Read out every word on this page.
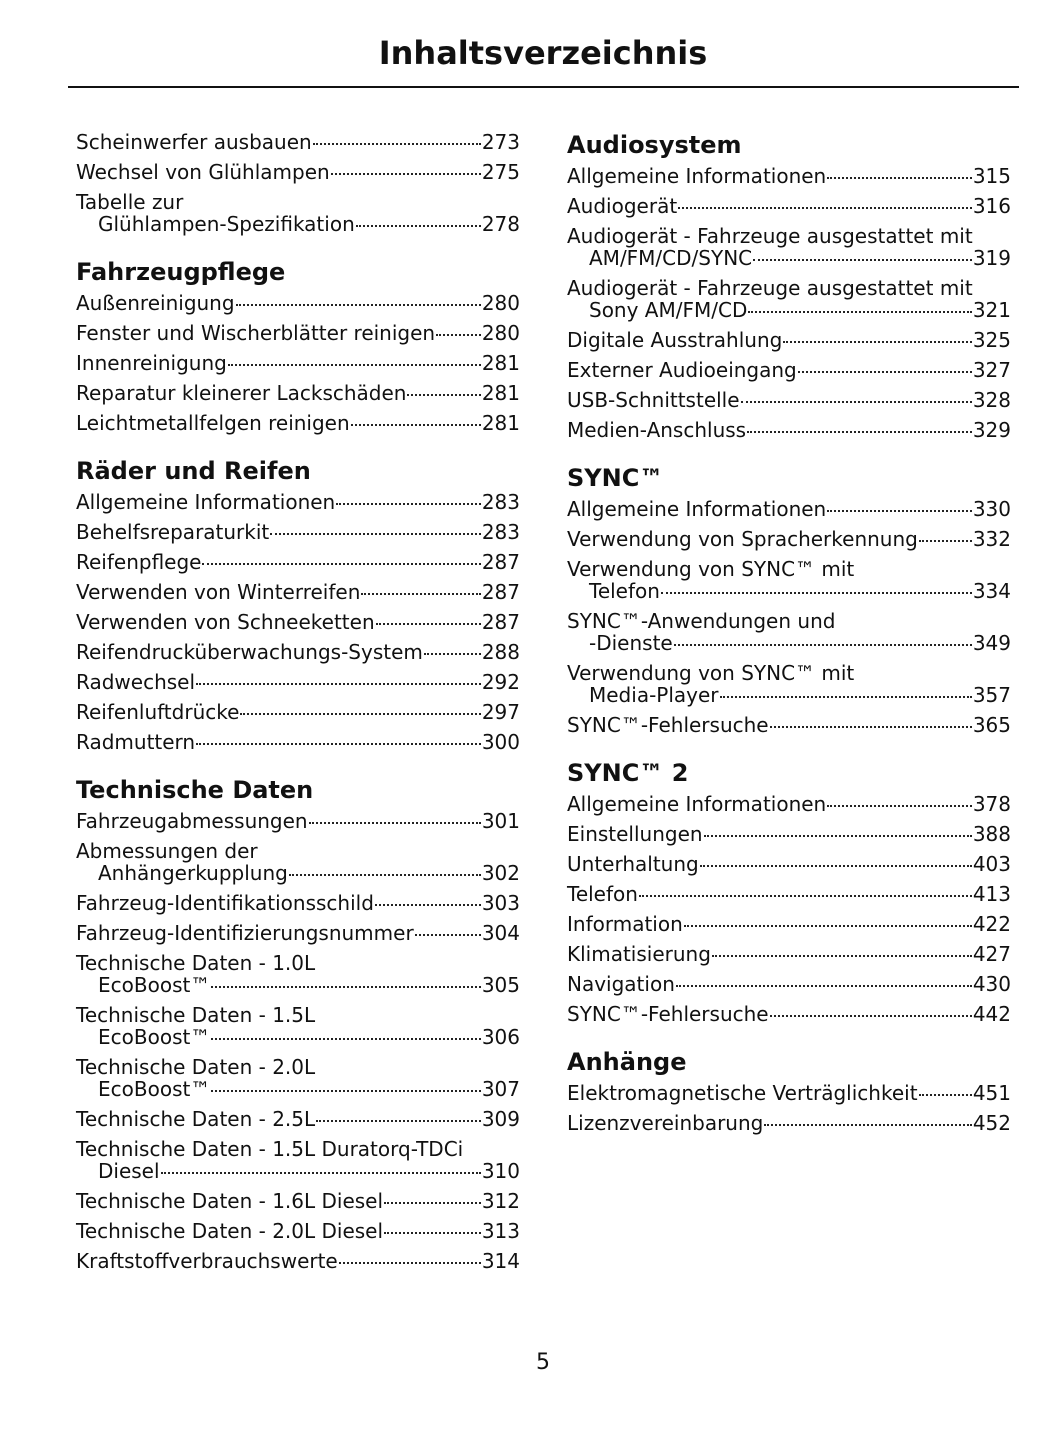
Inhaltsverzeichnis
Scheinwerfer ausbauen	273
Wechsel von Glühlampen	275
Tabelle zur
Glühlampen-Spezifikation	278
Fahrzeugpflege
Außenreinigung	280
Fenster und Wischerblätter reinigen 280
Innenreinigung	281
Reparatur kleinerer Lackschäden	281
Leichtmetallfelgen reinigen	281
Räder und Reifen
Allgemeine Informationen	283
Behelfsreparaturkit	283
Reifenpflege	287
Verwenden von Winterreifen	287
Verwenden von Schneeketten	287
Reifendrucküberwachungs-System	288
Radwechsel	292
Reifenluftdrücke	297
Radmuttern	300
Technische Daten
Fahrzeugabmessungen	301
Abmessungen der
Anhängerkupplung	302
Fahrzeug-Identifikationsschild	303
Fahrzeug-Identifizierungsnummer	304
Technische Daten - 1.0L
EcoBoost™	305
Technische Daten - 1.5L
EcoBoost™	306
Technische Daten - 2.0L
EcoBoost™	307
Technische Daten - 2.5L	309
Technische Daten - 1.5L Duratorq-TDCi
Diesel	310
Technische Daten - 1.6L Diesel	312
Technische Daten - 2.0L Diesel	313
Kraftstoffverbrauchswerte	314
Audiosystem
Allgemeine Informationen	315
Audiogerät	316
Audiogerät - Fahrzeuge ausgestattet mit
AM/FM/CD/SYNC	319
Audiogerät - Fahrzeuge ausgestattet mit
Sony AM/FM/CD	321
Digitale Ausstrahlung	325
Externer Audioeingang	327
USB-Schnittstelle	328
Medien-Anschluss	329
SYNC™
Allgemeine Informationen	330
Verwendung von Spracherkennung	332
Verwendung von SYNC™ mit
Telefon	334
SYNC™-Anwendungen und
-Dienste	349
Verwendung von SYNC™ mit
Media-Player	357
SYNC™-Fehlersuche	365
SYNC™ 2
Allgemeine Informationen	378
Einstellungen	388
Unterhaltung	403
Telefon	413
Information	422
Klimatisierung	427
Navigation	430
SYNC™-Fehlersuche	442
Anhänge
Elektromagnetische Verträglichkeit	451
Lizenzvereinbarung	452
5
